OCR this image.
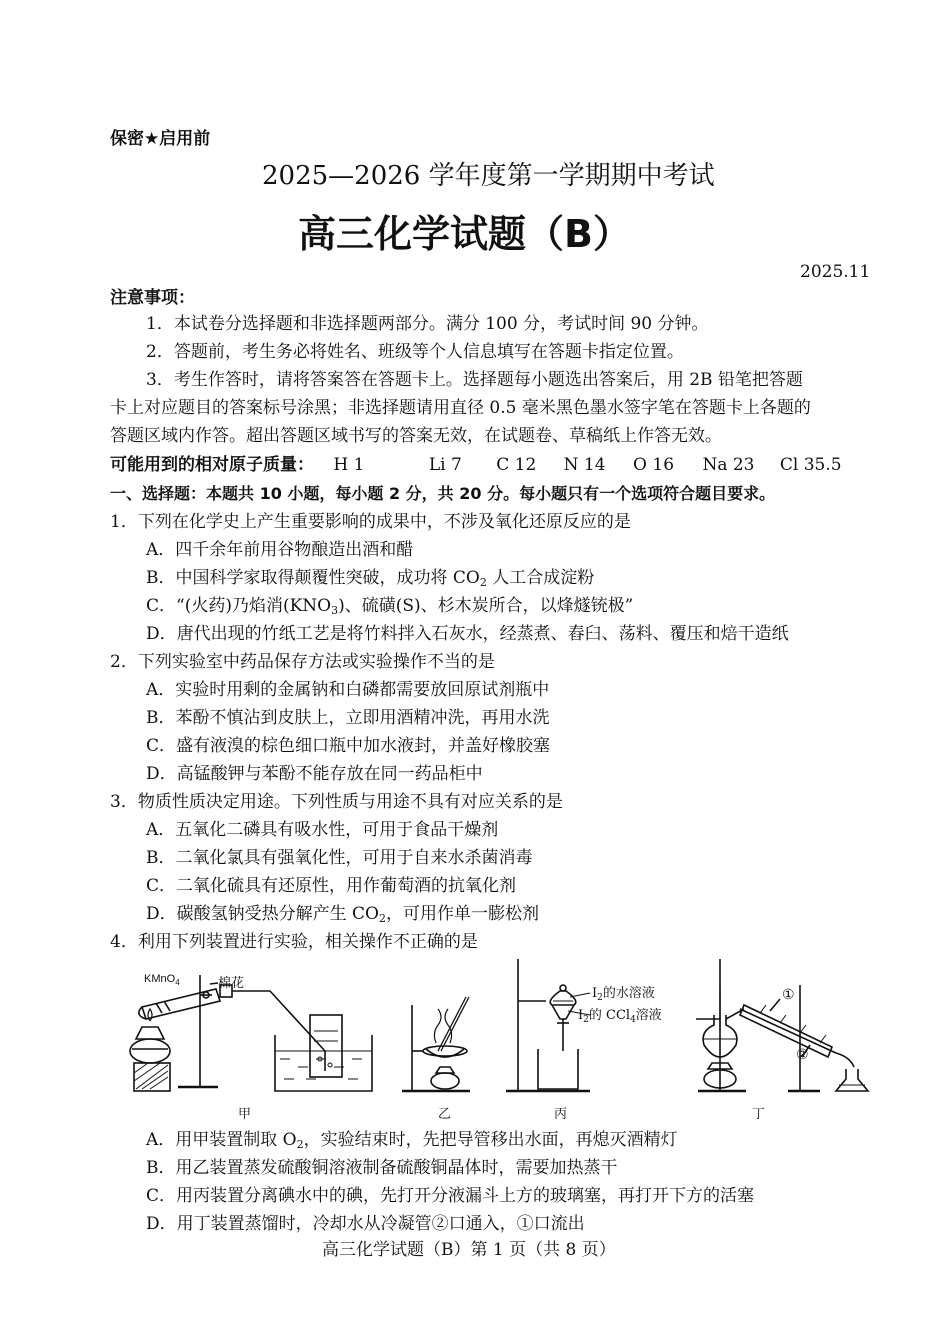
保密★启用前
2025—2026 学年度第一学期期中考试
高三化学试题（B）
2025.11
注意事项：
1．本试卷分选择题和非选择题两部分。满分 100 分，考试时间 90 分钟。
2．答题前，考生务必将姓名、班级等个人信息填写在答题卡指定位置。
3．考生作答时，请将答案答在答题卡上。选择题每小题选出答案后，用 2B 铅笔把答题
卡上对应题目的答案标号涂黑；非选择题请用直径 0.5 毫米黑色墨水签字笔在答题卡上各题的
答题区域内作答。超出答题区域书写的答案无效，在试题卷、草稿纸上作答无效。
可能用到的相对原子质量： H 1	Li 7 C 12 N 14 O 16 Na 23 Cl 35.5
一、选择题：本题共 10 小题，每小题 2 分，共 20 分。每小题只有一个选项符合题目要求。
1．下列在化学史上产生重要影响的成果中，不涉及氧化还原反应的是
A．四千余年前用谷物酿造出酒和醋
B．中国科学家取得颠覆性突破，成功将 $CO_2$ 人工合成淀粉
C．“(火药)乃焰消$(KNO_3)$、硫磺(S)、杉木炭所合，以烽燧铳极”
D．唐代出现的竹纸工艺是将竹料拌入石灰水，经蒸煮、舂臼、荡料、覆压和焙干造纸
2．下列实验室中药品保存方法或实验操作不当的是
A．实验时用剩的金属钠和白磷都需要放回原试剂瓶中
B．苯酚不慎沾到皮肤上，立即用酒精冲洗，再用水洗
C．盛有液溴的棕色细口瓶中加水液封，并盖好橡胶塞
D．高锰酸钾与苯酚不能存放在同一药品柜中
3．物质性质决定用途。下列性质与用途不具有对应关系的是
A．五氧化二磷具有吸水性，可用于食品干燥剂
B．二氧化氯具有强氧化性，可用于自来水杀菌消毒
C．二氧化硫具有还原性，用作葡萄酒的抗氧化剂
D．碳酸氢钠受热分解产生 $CO_2$，可用作单一膨松剂
4．利用下列装置进行实验，相关操作不正确的是
KMnO$_4$	棉花
甲	乙
$I_2$的水溶液
$I_2$的 CCl$_4$溶液
丙
①
②
丁
A．用甲装置制取 $O_2$，实验结束时，先把导管移出水面，再熄灭酒精灯
B．用乙装置蒸发硫酸铜溶液制备硫酸铜晶体时，需要加热蒸干
C．用丙装置分离碘水中的碘，先打开分液漏斗上方的玻璃塞，再打开下方的活塞
D．用丁装置蒸馏时，冷却水从冷凝管②口通入，①口流出
高三化学试题（B）第 1 页（共 8 页）
